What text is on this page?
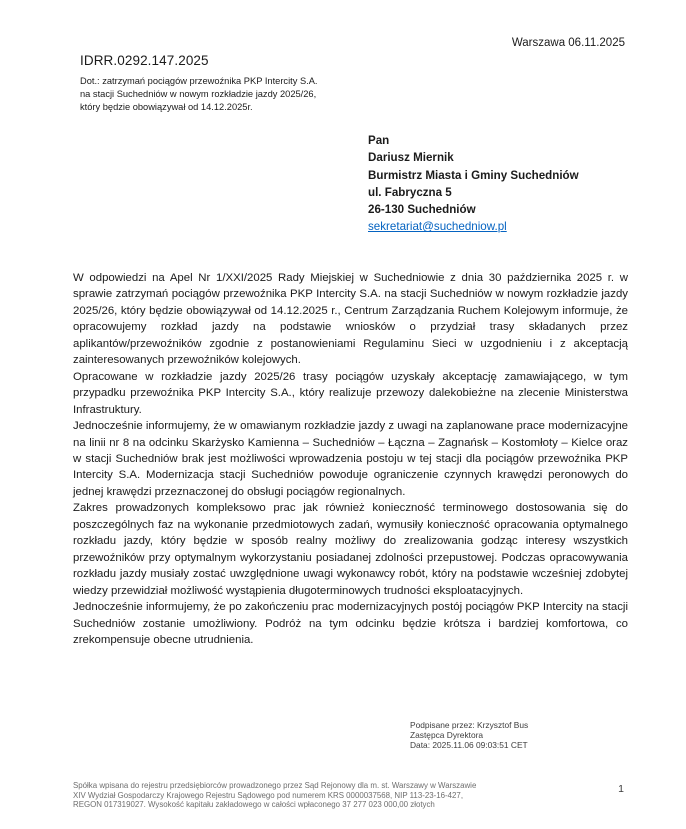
Warszawa 06.11.2025
IDRR.0292.147.2025
Dot.: zatrzymań pociągów przewoźnika PKP Intercity S.A.
na stacji Suchedniów w nowym rozkładzie jazdy 2025/26,
który będzie obowiązywał od 14.12.2025r.
Pan
Dariusz Miernik
Burmistrz Miasta i Gminy Suchedniów
ul. Fabryczna 5
26-130 Suchedniów
sekretariat@suchedniow.pl

W odpowiedzi na Apel Nr 1/XXI/2025 Rady Miejskiej w Suchedniowie z dnia 30 października 2025 r. w sprawie zatrzymań pociągów przewoźnika PKP Intercity S.A. na stacji Suchedniów w nowym rozkładzie jazdy 2025/26, który będzie obowiązywał od 14.12.2025 r., Centrum Zarządzania Ruchem Kolejowym informuje, że opracowujemy rozkład jazdy na podstawie wniosków o przydział trasy składanych przez aplikantów/przewoźników zgodnie z postanowieniami Regulaminu Sieci w uzgodnieniu i z akceptacją zainteresowanych przewoźników kolejowych.

Opracowane w rozkładzie jazdy 2025/26 trasy pociągów uzyskały akceptację zamawiającego, w tym przypadku przewoźnika PKP Intercity S.A., który realizuje przewozy dalekobieżne na zlecenie Ministerstwa Infrastruktury.

Jednocześnie informujemy, że w omawianym rozkładzie jazdy z uwagi na zaplanowane prace modernizacyjne na linii nr 8 na odcinku Skarżysko Kamienna – Suchedniów – Łączna – Zagnańsk – Kostomłoty – Kielce oraz w stacji Suchedniów brak jest możliwości wprowadzenia postoju w tej stacji dla pociągów przewoźnika PKP Intercity S.A. Modernizacja stacji Suchedniów powoduje ograniczenie czynnych krawędzi peronowych do jednej krawędzi przeznaczonej do obsługi pociągów regionalnych.

Zakres prowadzonych kompleksowo prac jak również konieczność terminowego dostosowania się do poszczególnych faz na wykonanie przedmiotowych zadań, wymusiły konieczność opracowania optymalnego rozkładu jazdy, który będzie w sposób realny możliwy do zrealizowania godząc interesy wszystkich przewoźników przy optymalnym wykorzystaniu posiadanej zdolności przepustowej. Podczas opracowywania rozkładu jazdy musiały zostać uwzględnione uwagi wykonawcy robót, który na podstawie wcześniej zdobytej wiedzy przewidział możliwość wystąpienia długoterminowych trudności eksploatacyjnych.

Jednocześnie informujemy, że po zakończeniu prac modernizacyjnych postój pociągów PKP Intercity na stacji Suchedniów zostanie umożliwiony. Podróż na tym odcinku będzie krótsza i bardziej komfortowa, co zrekompensuje obecne utrudnienia.

Podpisane przez: Krzysztof Bus
Zastępca Dyrektora
Data: 2025.11.06 09:03:51 CET
Spółka wpisana do rejestru przedsiębiorców prowadzonego przez Sąd Rejonowy dla m. st. Warszawy w Warszawie
XIV Wydział Gospodarczy Krajowego Rejestru Sądowego pod numerem KRS 0000037568, NIP 113-23-16-427,
REGON 017319027. Wysokość kapitału zakładowego w całości wpłaconego 37 277 023 000,00 złotych
1
